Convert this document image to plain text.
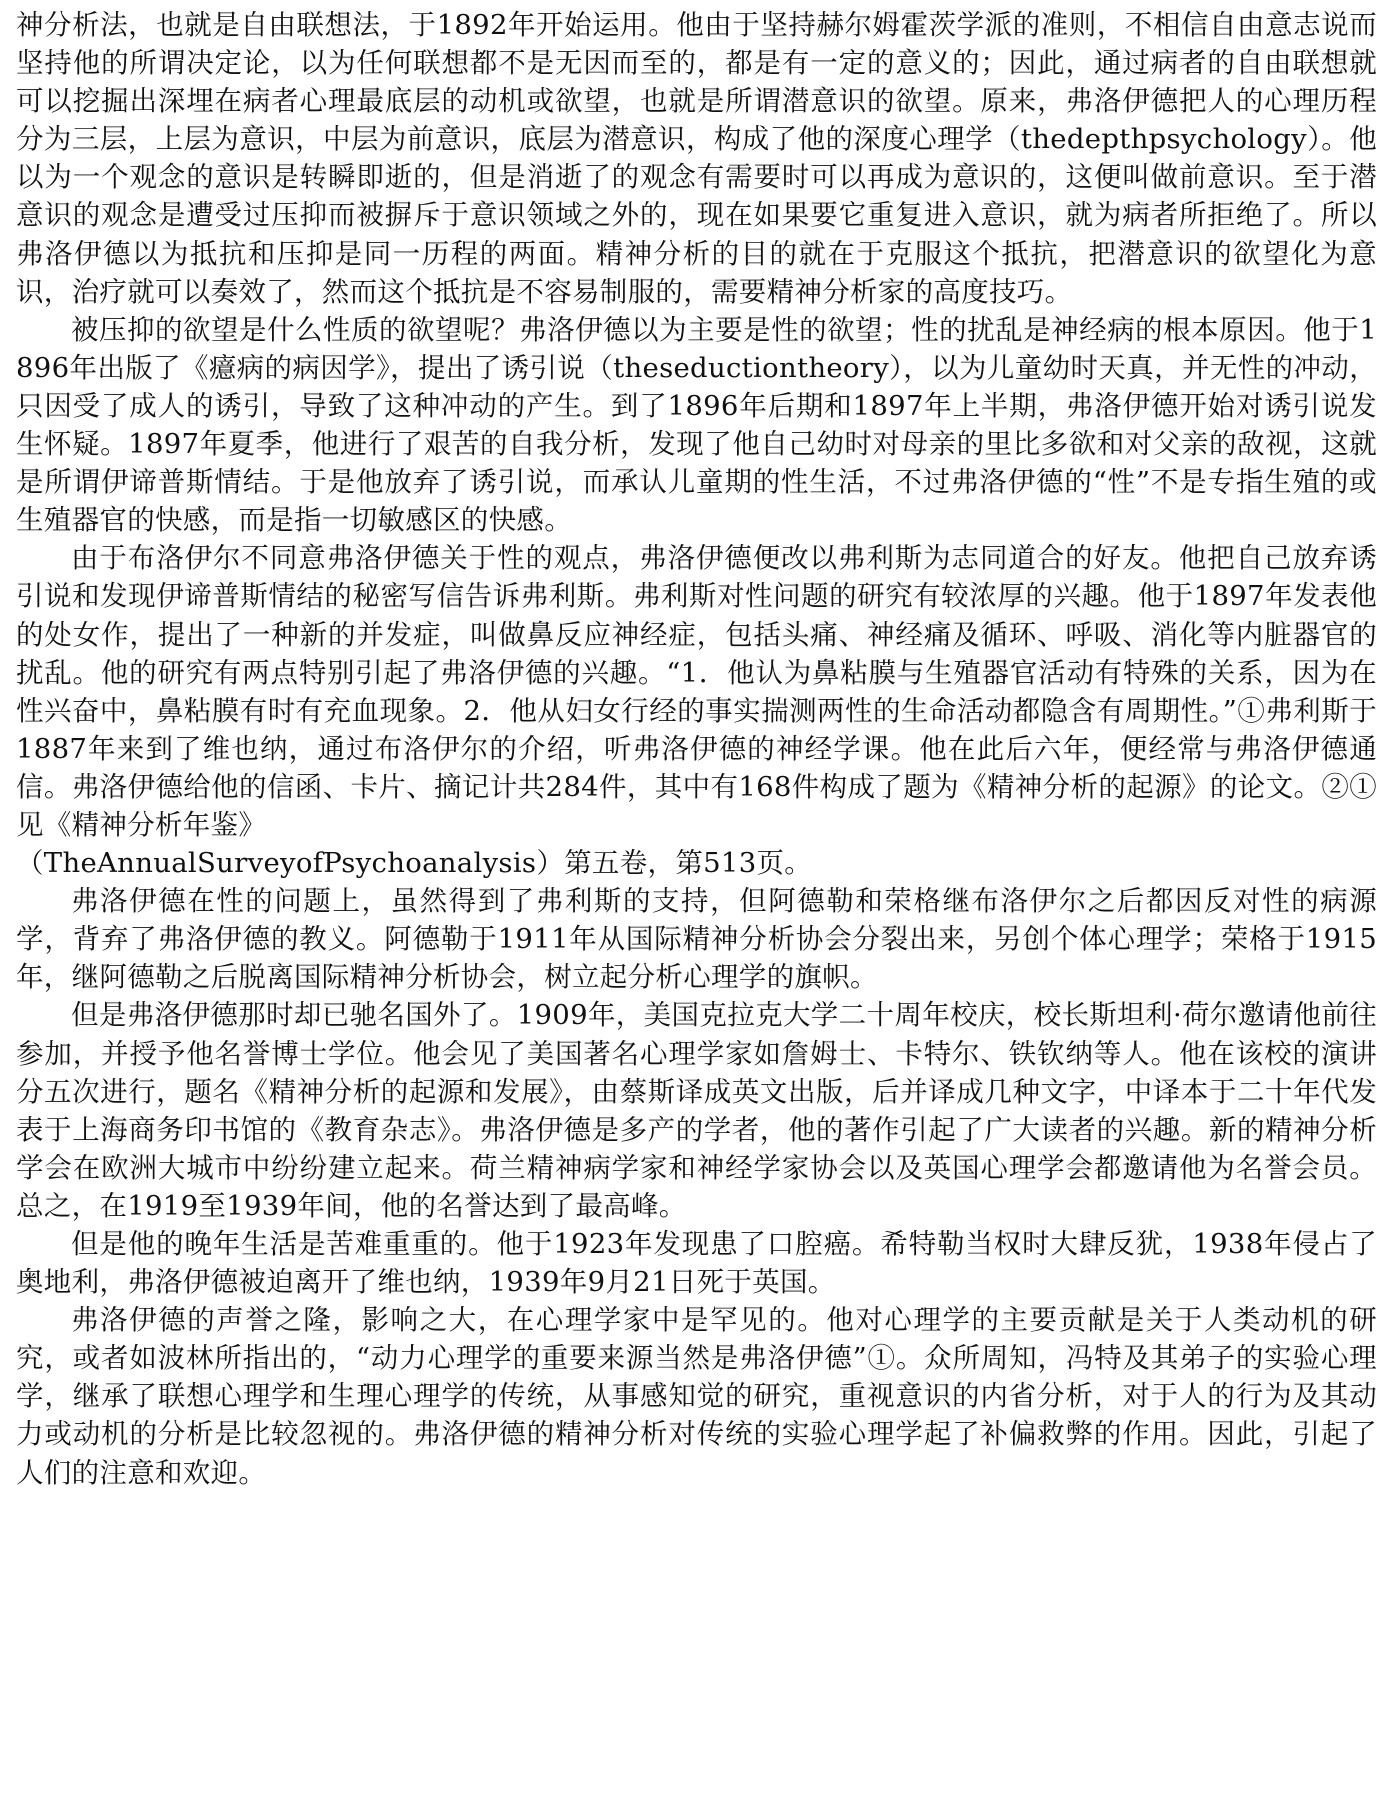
神分析法，也就是自由联想法，于1892年开始运用。他由于坚持赫尔姆霍茨学派的准则，不相信自由意志说而坚持他的所谓决定论，以为任何联想都不是无因而至的，都是有一定的意义的；因此，通过病者的自由联想就可以挖掘出深埋在病者心理最底层的动机或欲望，也就是所谓潜意识的欲望。原来，弗洛伊德把人的心理历程分为三层，上层为意识，中层为前意识，底层为潜意识，构成了他的深度心理学（thedepthpsychology）。他以为一个观念的意识是转瞬即逝的，但是消逝了的观念有需要时可以再成为意识的，这便叫做前意识。至于潜意识的观念是遭受过压抑而被摒斥于意识领域之外的，现在如果要它重复进入意识，就为病者所拒绝了。所以弗洛伊德以为抵抗和压抑是同一历程的两面。精神分析的目的就在于克服这个抵抗，把潜意识的欲望化为意识，治疗就可以奏效了，然而这个抵抗是不容易制服的，需要精神分析家的高度技巧。

被压抑的欲望是什么性质的欲望呢？弗洛伊德以为主要是性的欲望；性的扰乱是神经病的根本原因。他于1896年出版了《癔病的病因学》，提出了诱引说（theseductiontheory），以为儿童幼时天真，并无性的冲动，只因受了成人的诱引，导致了这种冲动的产生。到了1896年后期和1897年上半期，弗洛伊德开始对诱引说发生怀疑。1897年夏季，他进行了艰苦的自我分析，发现了他自己幼时对母亲的里比多欲和对父亲的敌视，这就是所谓伊谛普斯情结。于是他放弃了诱引说，而承认儿童期的性生活，不过弗洛伊德的“性”不是专指生殖的或生殖器官的快感，而是指一切敏感区的快感。

由于布洛伊尔不同意弗洛伊德关于性的观点，弗洛伊德便改以弗利斯为志同道合的好友。他把自己放弃诱引说和发现伊谛普斯情结的秘密写信告诉弗利斯。弗利斯对性问题的研究有较浓厚的兴趣。他于1897年发表他的处女作，提出了一种新的并发症，叫做鼻反应神经症，包括头痛、神经痛及循环、呼吸、消化等内脏器官的扰乱。他的研究有两点特别引起了弗洛伊德的兴趣。“1．他认为鼻粘膜与生殖器官活动有特殊的关系，因为在性兴奋中，鼻粘膜有时有充血现象。2．他从妇女行经的事实揣测两性的生命活动都隐含有周期性。”①弗利斯于1887年来到了维也纳，通过布洛伊尔的介绍，听弗洛伊德的神经学课。他在此后六年，便经常与弗洛伊德通信。弗洛伊德给他的信函、卡片、摘记计共284件，其中有168件构成了题为《精神分析的起源》的论文。②①见《精神分析年鉴》

（TheAnnualSurveyofPsychoanalysis）第五卷，第513页。

弗洛伊德在性的问题上，虽然得到了弗利斯的支持，但阿德勒和荣格继布洛伊尔之后都因反对性的病源学，背弃了弗洛伊德的教义。阿德勒于1911年从国际精神分析协会分裂出来，另创个体心理学；荣格于1915年，继阿德勒之后脱离国际精神分析协会，树立起分析心理学的旗帜。

但是弗洛伊德那时却已驰名国外了。1909年，美国克拉克大学二十周年校庆，校长斯坦利·荷尔邀请他前往参加，并授予他名誉博士学位。他会见了美国著名心理学家如詹姆士、卡特尔、铁钦纳等人。他在该校的演讲分五次进行，题名《精神分析的起源和发展》，由蔡斯译成英文出版，后并译成几种文字，中译本于二十年代发表于上海商务印书馆的《教育杂志》。弗洛伊德是多产的学者，他的著作引起了广大读者的兴趣。新的精神分析学会在欧洲大城市中纷纷建立起来。荷兰精神病学家和神经学家协会以及英国心理学会都邀请他为名誉会员。总之，在1919至1939年间，他的名誉达到了最高峰。

但是他的晚年生活是苦难重重的。他于1923年发现患了口腔癌。希特勒当权时大肆反犹，1938年侵占了奥地利，弗洛伊德被迫离开了维也纳，1939年9月21日死于英国。

弗洛伊德的声誉之隆，影响之大，在心理学家中是罕见的。他对心理学的主要贡献是关于人类动机的研究，或者如波林所指出的，“动力心理学的重要来源当然是弗洛伊德”①。众所周知，冯特及其弟子的实验心理学，继承了联想心理学和生理心理学的传统，从事感知觉的研究，重视意识的内省分析，对于人的行为及其动力或动机的分析是比较忽视的。弗洛伊德的精神分析对传统的实验心理学起了补偏救弊的作用。因此，引起了人们的注意和欢迎。
